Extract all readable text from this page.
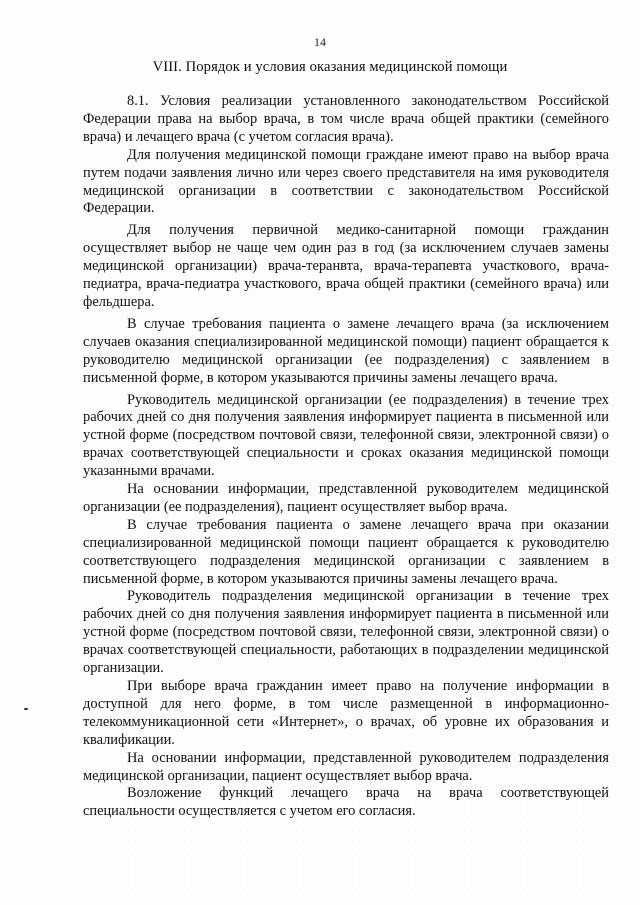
14
VIII. Порядок и условия оказания медицинской помощи

8.1. Условия реализации установленного законодательством Российской Федерации права на выбор врача, в том числе врача общей практики (семейного врача) и лечащего врача (с учетом согласия врача).

Для получения медицинской помощи граждане имеют право на выбор врача путем подачи заявления лично или через своего представителя на имя руководителя медицинской организации в соответствии с законодательством Российской Федерации.

Для получения первичной медико-санитарной помощи гражданин осуществляет выбор не чаще чем один раз в год (за исключением случаев замены медицинской организации) врача-теранвта, врача-терапевта участкового, врача-педиатра, врача-педиатра участкового, врача общей практики (семейного врача) или фельдшера.

В случае требования пациента о замене лечащего врача (за исключением случаев оказания специализированной медицинской помощи) пациент обращается к руководителю медицинской организации (ее подразделения) с заявлением в письменной форме, в котором указываются причины замены лечащего врача.

Руководитель медицинской организации (ее подразделения) в течение трех рабочих дней со дня получения заявления информирует пациента в письменной или устной форме (посредством почтовой связи, телефонной связи, электронной связи) о врачах соответствующей специальности и сроках оказания медицинской помощи указанными врачами.

На основании информации, представленной руководителем медицинской организации (ее подразделения), пациент осуществляет выбор врача.

В случае требования пациента о замене лечащего врача при оказании специализированной медицинской помощи пациент обращается к руководителю соответствующего подразделения медицинской организации с заявлением в письменной форме, в котором указываются причины замены лечащего врача.

Руководитель подразделения медицинской организации в течение трех рабочих дней со дня получения заявления информирует пациента в письменной или устной форме (посредством почтовой связи, телефонной связи, электронной связи) о врачах соответствующей специальности, работающих в подразделении медицинской организации.

При выборе врача гражданин имеет право на получение информации в доступной для него форме, в том числе размещенной в информационно-телекоммуникационной сети «Интернет», о врачах, об уровне их образования и квалификации.

На основании информации, представленной руководителем подразделения медицинской организации, пациент осуществляет выбор врача.

Возложение функций лечащего врача на врача соответствующей специальности осуществляется с учетом его согласия.
